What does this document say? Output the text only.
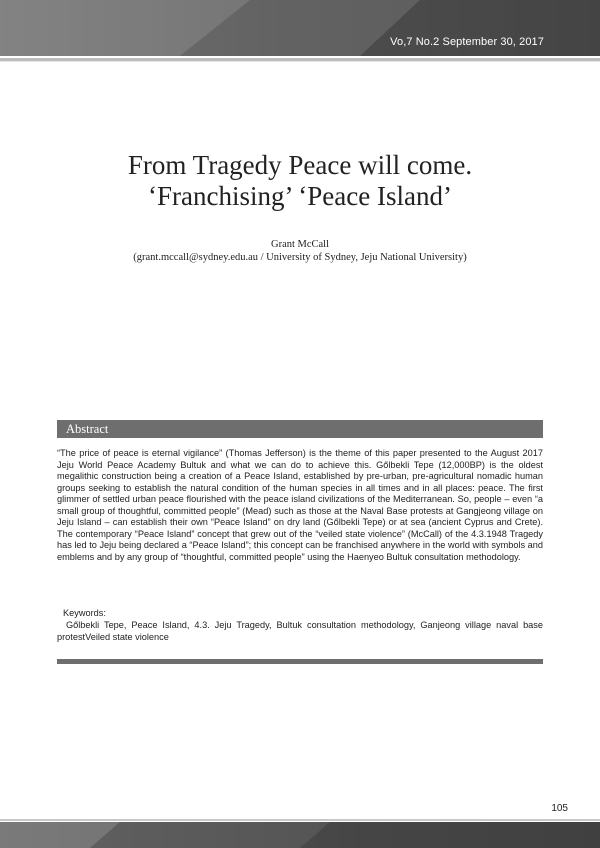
Vo,7 No.2 September 30, 2017
From Tragedy Peace will come.
‘Franchising’ ‘Peace Island’
Grant McCall
(grant.mccall@sydney.edu.au / University of Sydney, Jeju National University)
Abstract
“The price of peace is eternal vigilance” (Thomas Jefferson) is the theme of this paper presented to the August 2017 Jeju World Peace Academy Bultuk and what we can do to achieve this. Gőlbekli Tepe (12,000BP) is the oldest megalithic construction being a creation of a Peace Island, established by pre-urban, pre-agricultural nomadic human groups seeking to establish the natural condition of the human species in all times and in all places: peace. The first glimmer of settled urban peace flourished with the peace island civilizations of the Mediterranean. So, people – even “a small group of thoughtful, committed people” (Mead) such as those at the Naval Base protests at Gangjeong village on Jeju Island – can establish their own “Peace Island” on dry land (Gőlbekli Tepe) or at sea (ancient Cyprus and Crete). The contemporary “Peace Island” concept that grew out of the “veiled state violence” (McCall) of the 4.3.1948 Tragedy has led to Jeju being declared a “Peace Island”; this concept can be franchised anywhere in the world with symbols and emblems and by any group of “thoughtful, committed people” using the Haenyeo Bultuk consultation methodology.
Keywords:
Gőlbekli Tepe, Peace Island, 4.3. Jeju Tragedy, Bultuk consultation methodology, Ganjeong village naval base protestVeiled state violence
105
